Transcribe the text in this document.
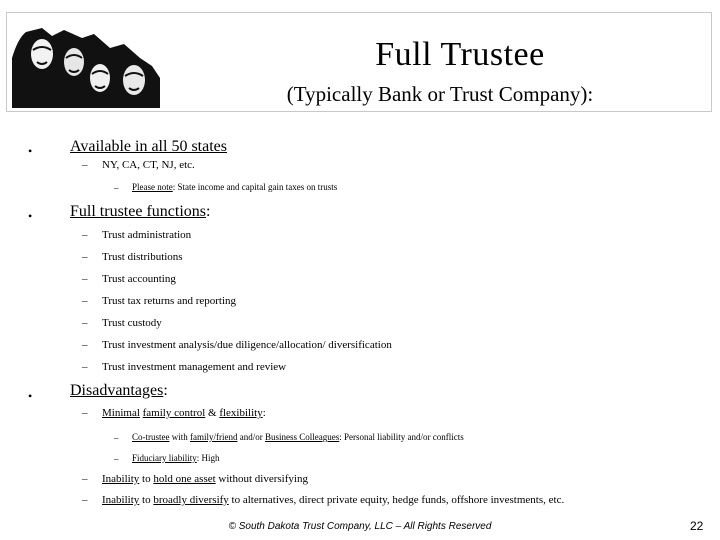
Full Trustee
(Typically Bank or Trust Company):
• Available in all 50 states
– NY, CA, CT, NJ, etc.
– Please note: State income and capital gain taxes on trusts
• Full trustee functions:
– Trust administration
– Trust distributions
– Trust accounting
– Trust tax returns and reporting
– Trust custody
– Trust investment analysis/due diligence/allocation/ diversification
– Trust investment management and review
• Disadvantages:
– Minimal family control & flexibility:
– Co-trustee with family/friend and/or Business Colleagues: Personal liability and/or conflicts
– Fiduciary liability: High
– Inability to hold one asset without diversifying
– Inability to broadly diversify to alternatives, direct private equity, hedge funds, offshore investments, etc.
© South Dakota Trust Company, LLC – All Rights Reserved	22
